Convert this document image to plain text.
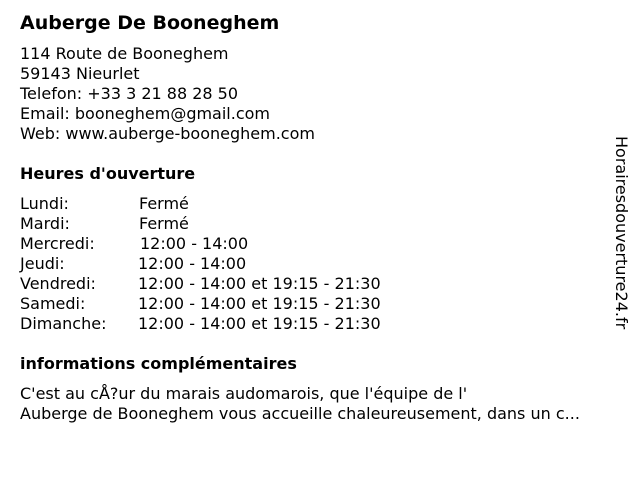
Auberge De Booneghem
114 Route de Booneghem
59143 Nieurlet
Telefon: +33 3 21 88 28 50
Email: booneghem@gmail.com
Web: www.auberge-booneghem.com
Heures d'ouverture
Lundi:	Fermé
Mardi:	Fermé
Mercredi:	12:00 - 14:00
Jeudi:	12:00 - 14:00
Vendredi:	12:00 - 14:00 et 19:15 - 21:30
Samedi:	12:00 - 14:00 et 19:15 - 21:30
Dimanche: 12:00 - 14:00 et 19:15 - 21:30
informations complémentaires
C'est au cÅ?ur du marais audomarois, que l'équipe de l'
Auberge de Booneghem vous accueille chaleureusement, dans un c...
Horairesdouverture24.fr
